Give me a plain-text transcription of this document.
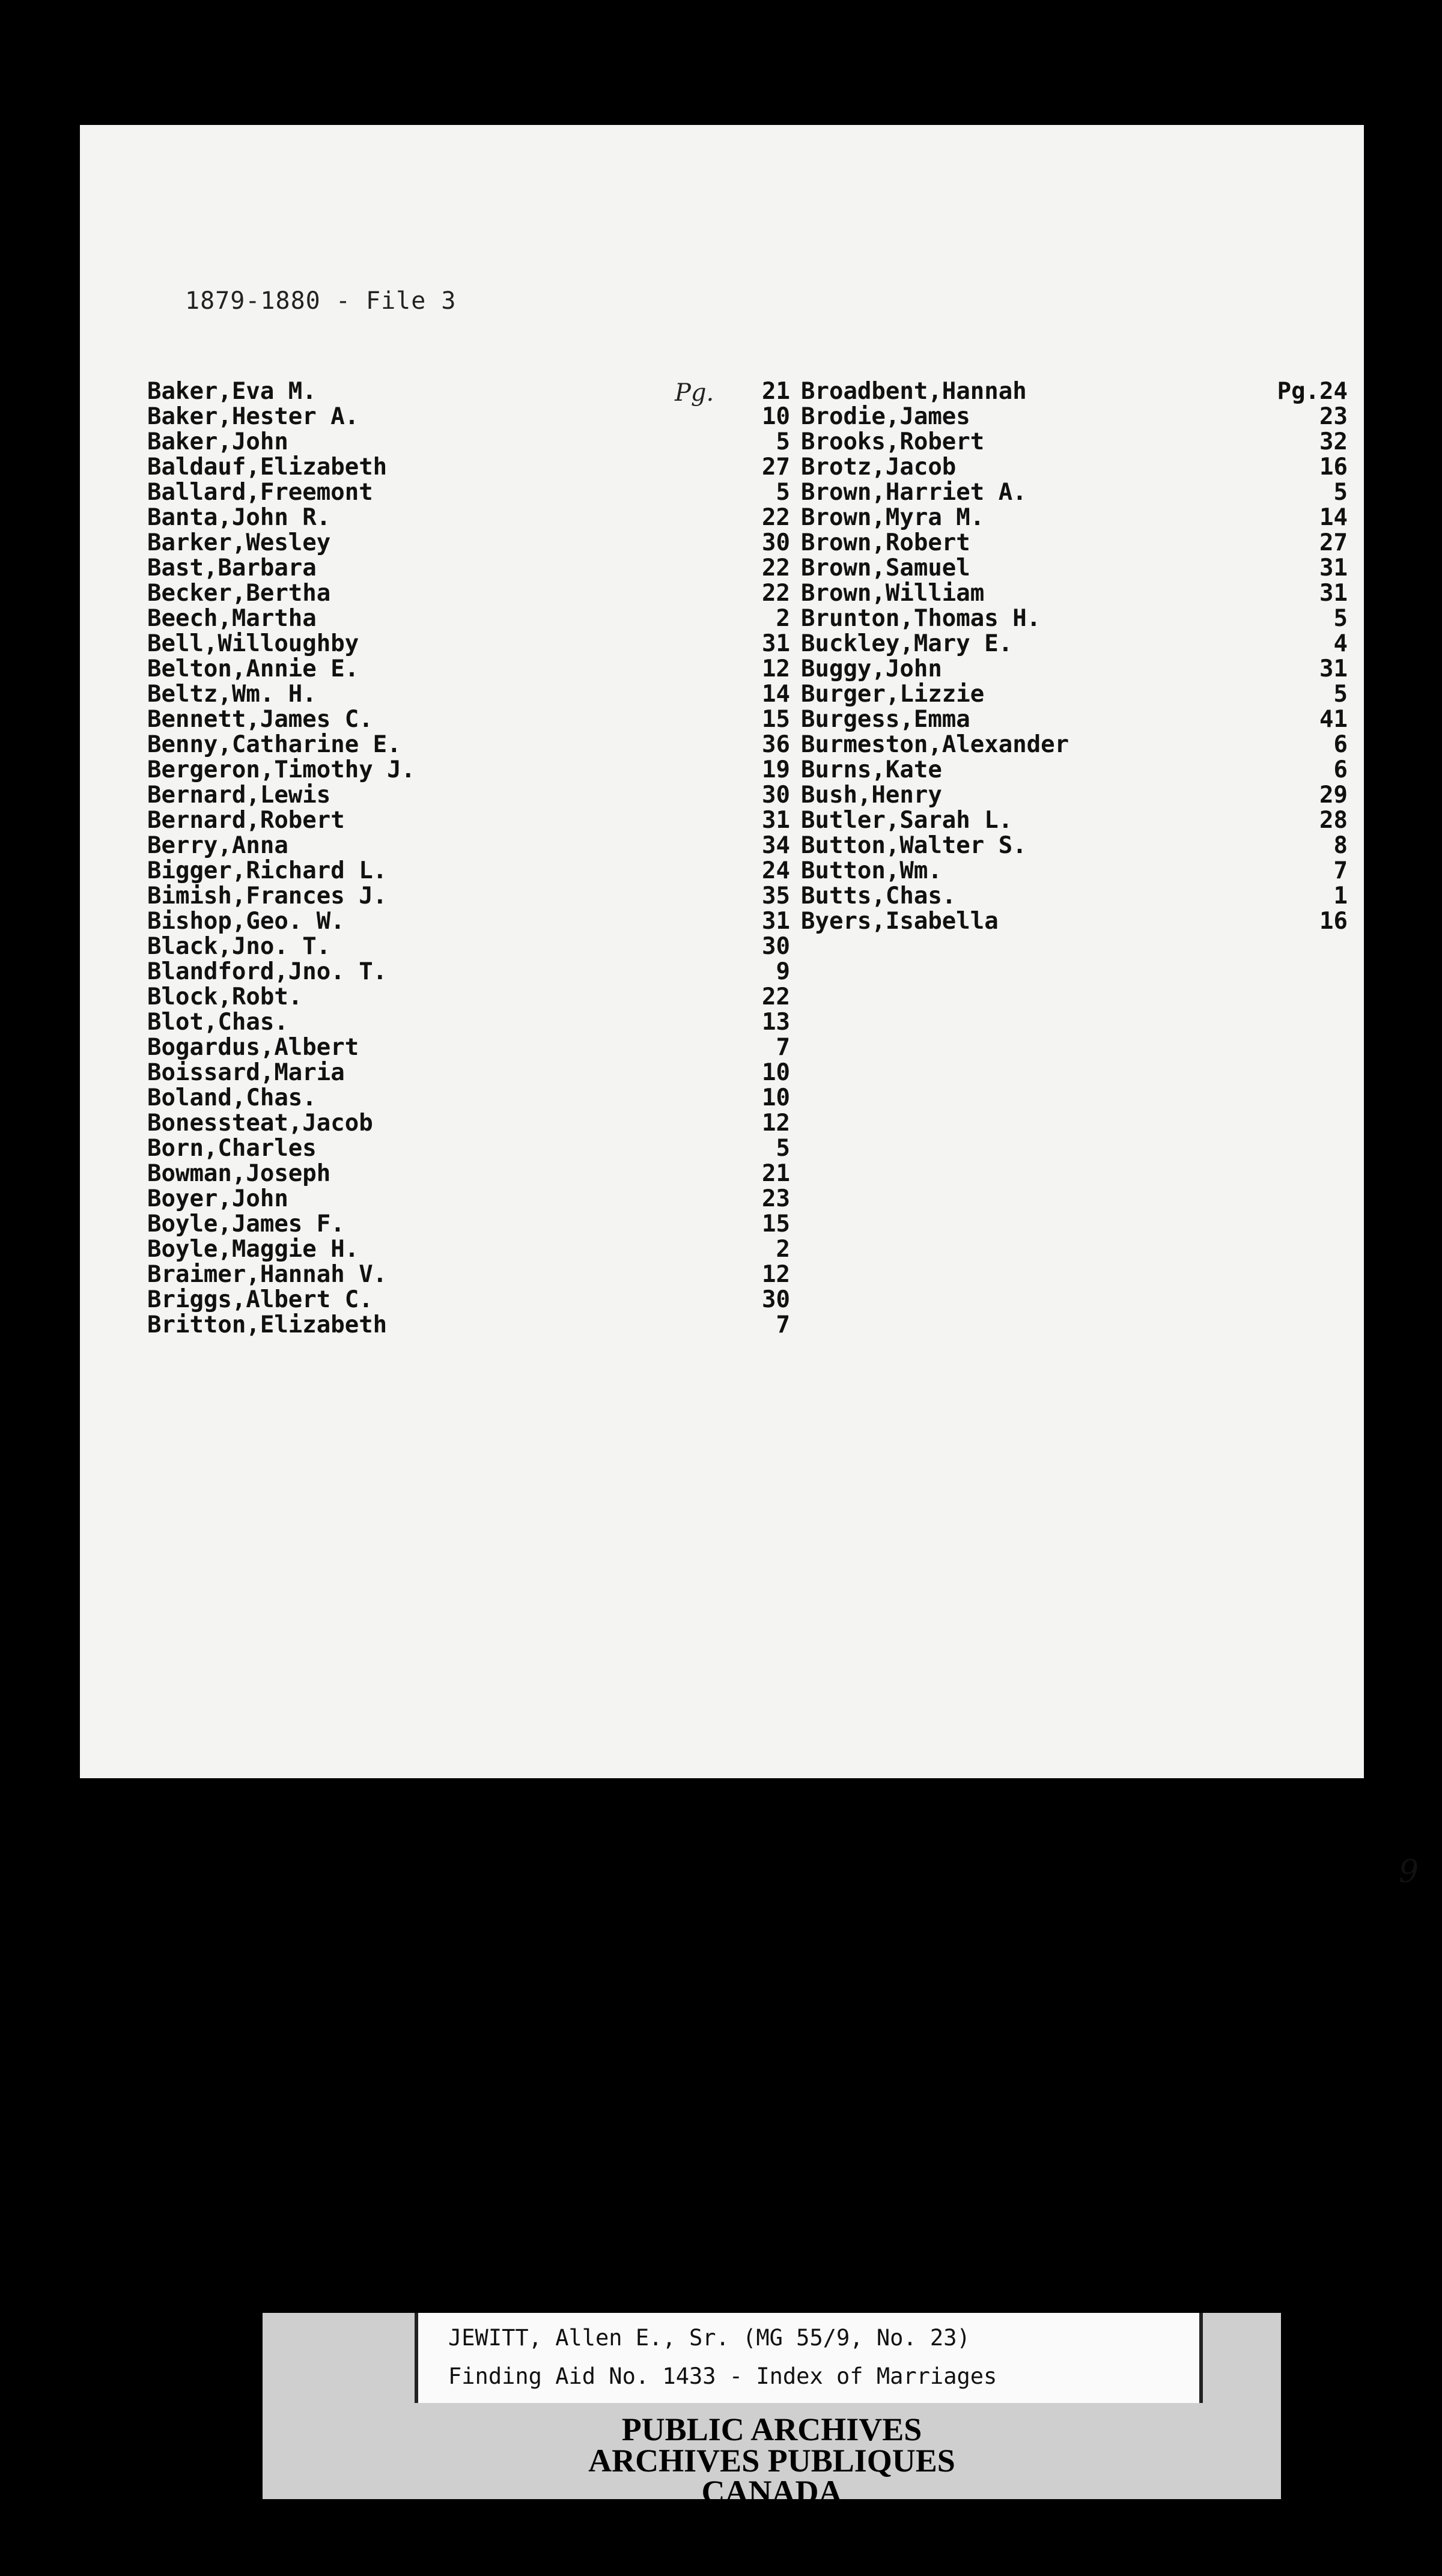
1879-1880 - File 3
Pg.
Baker,Eva M.	21
Baker,Hester A.	10
Baker,John	5
Baldauf,Elizabeth	27
Ballard,Freemont	5
Banta,John R.	22
Barker,Wesley	30
Bast,Barbara	22
Becker,Bertha	22
Beech,Martha	2
Bell,Willoughby	31
Belton,Annie E.	12
Beltz,Wm. H.	14
Bennett,James C.	15
Benny,Catharine E.	36
Bergeron,Timothy J.	19
Bernard,Lewis	30
Bernard,Robert	31
Berry,Anna	34
Bigger,Richard L.	24
Bimish,Frances J.	35
Bishop,Geo. W.	31
Black,Jno. T.	30
Blandford,Jno. T.	9
Block,Robt.	22
Blot,Chas.	13
Bogardus,Albert	7
Boissard,Maria	10
Boland,Chas.	10
Bonessteat,Jacob	12
Born,Charles	5
Bowman,Joseph	21
Boyer,John	23
Boyle,James F.	15
Boyle,Maggie H.	2
Braimer,Hannah V.	12
Briggs,Albert C.	30
Britton,Elizabeth	7
Broadbent,Hannah	Pg.24
Brodie,James	23
Brooks,Robert	32
Brotz,Jacob	16
Brown,Harriet A.	5
Brown,Myra M.	14
Brown,Robert	27
Brown,Samuel	31
Brown,William	31
Brunton,Thomas H.	5
Buckley,Mary E.	4
Buggy,John	31
Burger,Lizzie	5
Burgess,Emma	41
Burmeston,Alexander	6
Burns,Kate	6
Bush,Henry	29
Butler,Sarah L.	28
Button,Walter S.	8
Button,Wm.	7
Butts,Chas.	1
Byers,Isabella	16
9
JEWITT, Allen E., Sr. (MG 55/9, No. 23)
Finding Aid No. 1433 - Index of Marriages
PUBLIC ARCHIVES
ARCHIVES PUBLIQUES
CANADA
